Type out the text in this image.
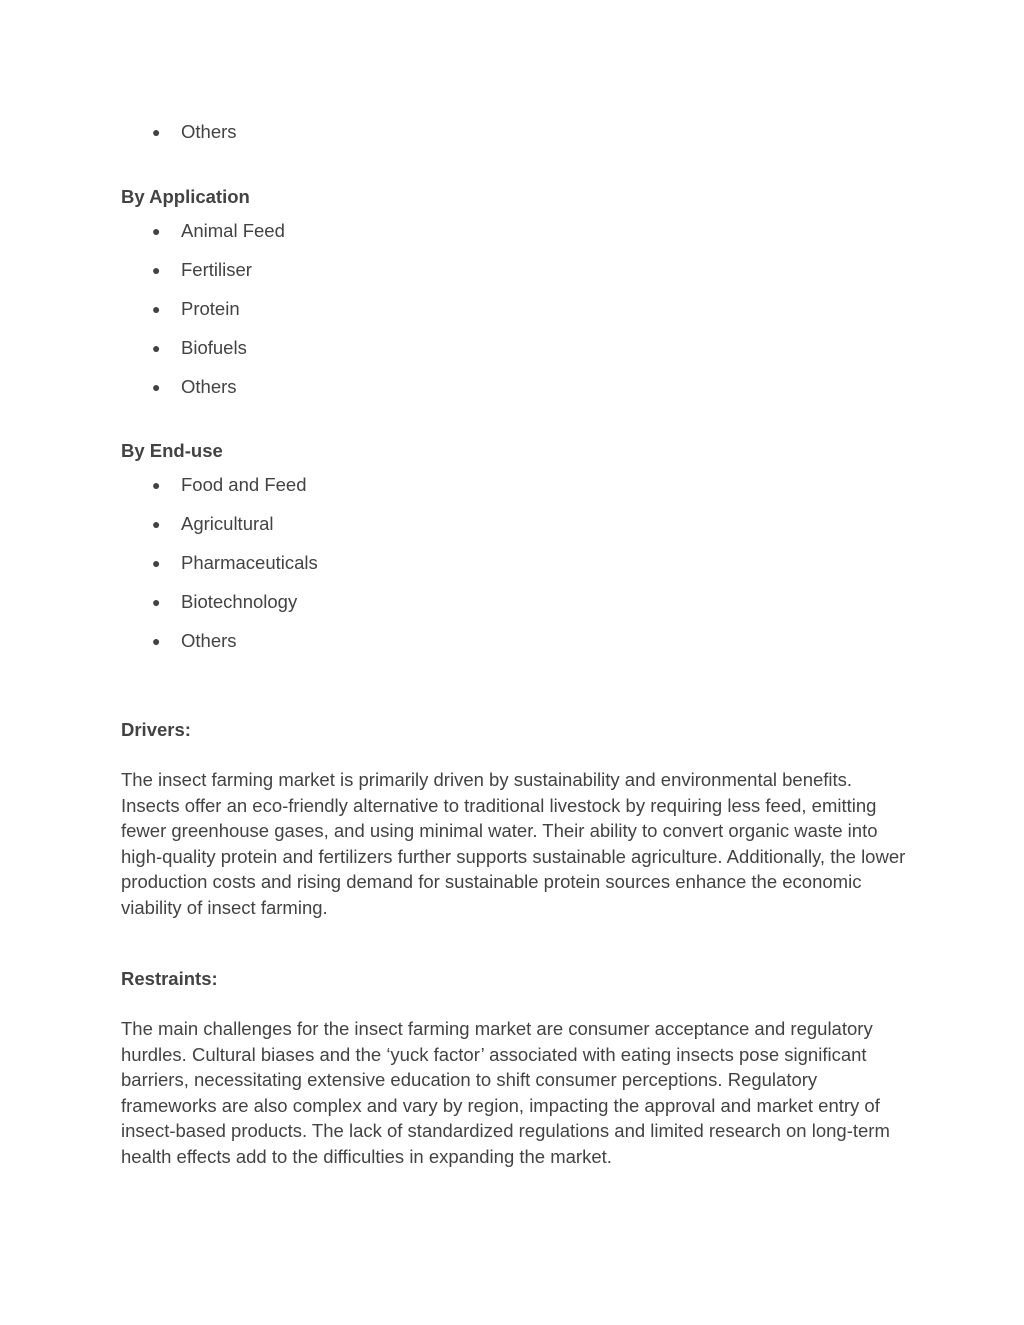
● Others
By Application
● Animal Feed
● Fertiliser
● Protein
● Biofuels
● Others
By End-use
● Food and Feed
● Agricultural
● Pharmaceuticals
● Biotechnology
● Others
Drivers:

The insect farming market is primarily driven by sustainability and environmental benefits. Insects offer an eco-friendly alternative to traditional livestock by requiring less feed, emitting fewer greenhouse gases, and using minimal water. Their ability to convert organic waste into high-quality protein and fertilizers further supports sustainable agriculture. Additionally, the lower production costs and rising demand for sustainable protein sources enhance the economic viability of insect farming.

Restraints:

The main challenges for the insect farming market are consumer acceptance and regulatory hurdles. Cultural biases and the ‘yuck factor’ associated with eating insects pose significant barriers, necessitating extensive education to shift consumer perceptions. Regulatory frameworks are also complex and vary by region, impacting the approval and market entry of insect-based products. The lack of standardized regulations and limited research on long-term health effects add to the difficulties in expanding the market.
